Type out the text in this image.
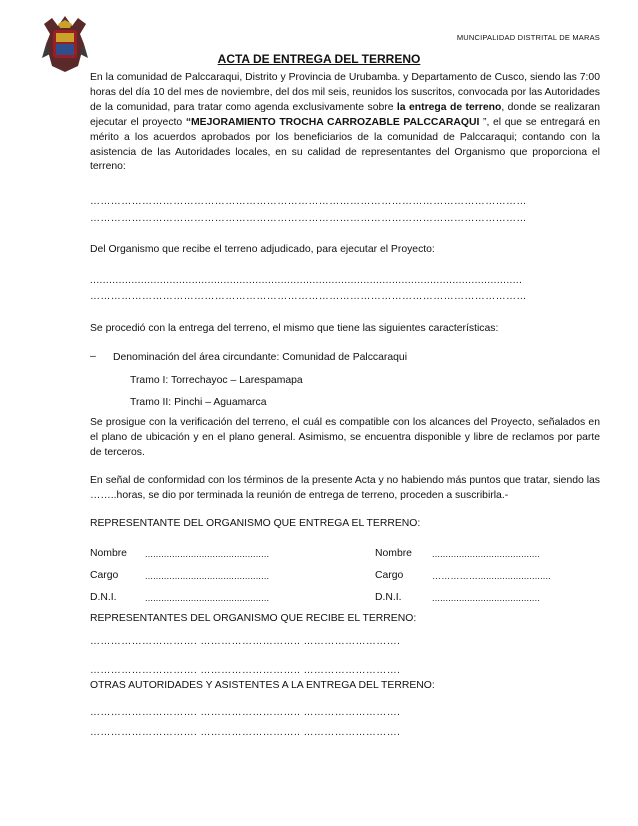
MUNCIPALIDAD DISTRITAL DE MARAS
ACTA DE ENTREGA DEL TERRENO
En la comunidad de Palccaraqui, Distrito y Provincia de Urubamba. y Departamento de Cusco, siendo las 7:00 horas del día 10 del mes de noviembre, del dos mil seis, reunidos los suscritos, convocada por las Autoridades de la comunidad, para tratar como agenda exclusivamente sobre la entrega de terreno, donde se realizaran ejecutar el proyecto “MEJORAMIENTO TROCHA CARROZABLE PALCCARAQUI ”, el que se entregará en mérito a los acuerdos aprobados por los beneficiarios de la comunidad de Palccaraqui; contando con la asistencia de las Autoridades locales, en su calidad de representantes del Organismo que proporciona el terreno:
………………………………………………………………………………………………………………
………………………………………………………………………………………………………………
Del Organismo que recibe el terreno adjudicado, para ejecutar el Proyecto:
........................................................................................................................................
………………………………………………………………………………………………………………
Se procedió con la entrega del terreno, el mismo que tiene las siguientes características:
– Denominación del área circundante: Comunidad de Palccaraqui
Tramo I: Torrechayoc – Larespamapa
Tramo II: Pinchi – Aguamarca
Se prosigue con la verificación del terreno, el cuál es compatible con los alcances del Proyecto, señalados en el plano de ubicación y en el plano general. Asimismo, se encuentra disponible y libre de reclamos por parte de terceros.
En señal de conformidad con los términos de la presente Acta y no habiendo más puntos que tratar, siendo las ……..horas, se dio por terminada la reunión de entrega de terreno, proceden a suscribirla.-
REPRESENTANTE DEL ORGANISMO QUE ENTREGA EL TERRENO:
Nombre ..............................................	Nombre ........................................
Cargo	..............................................	Cargo	……………...........................
D.N.I.	..............................................	D.N.I.	........................................
REPRESENTANTES DEL ORGANISMO QUE RECIBE EL TERRENO:
…………………………. ……………………….. ……………………….
…………………………. ……………………….. ……………………….
OTRAS AUTORIDADES Y ASISTENTES A LA ENTREGA DEL TERRENO:
…………………………. ……………………….. ……………………….
…………………………. ……………………….. ……………………….
